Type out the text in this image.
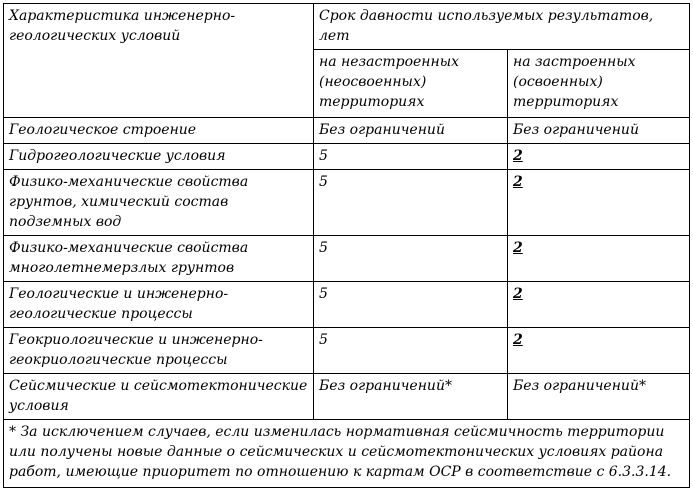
Характеристика инженерно-геологических условий	Срок давности используемых результатов, лет	
	на незастроенных (неосвоенных) территориях	на застроенных (освоенных) территориях
Геологическое строение	Без ограничений	Без ограничений
Гидрогеологические условия	5	2
Физико-механические свойства грунтов, химический состав подземных вод	5	2
Физико-механические свойства многолетнемерзлых грунтов	5	2
Геологические и инженерно-геологические процессы	5	2
Геокриологические и инженерно-геокриологические процессы	5	2
Сейсмические и сейсмотектонические условия	Без ограничений*	Без ограничений*
* За исключением случаев, если изменилась нормативная сейсмичность территории или получены новые данные о сейсмических и сейсмотектонических условиях района работ, имеющие приоритет по отношению к картам ОСР в соответствие с 6.3.3.14.		
